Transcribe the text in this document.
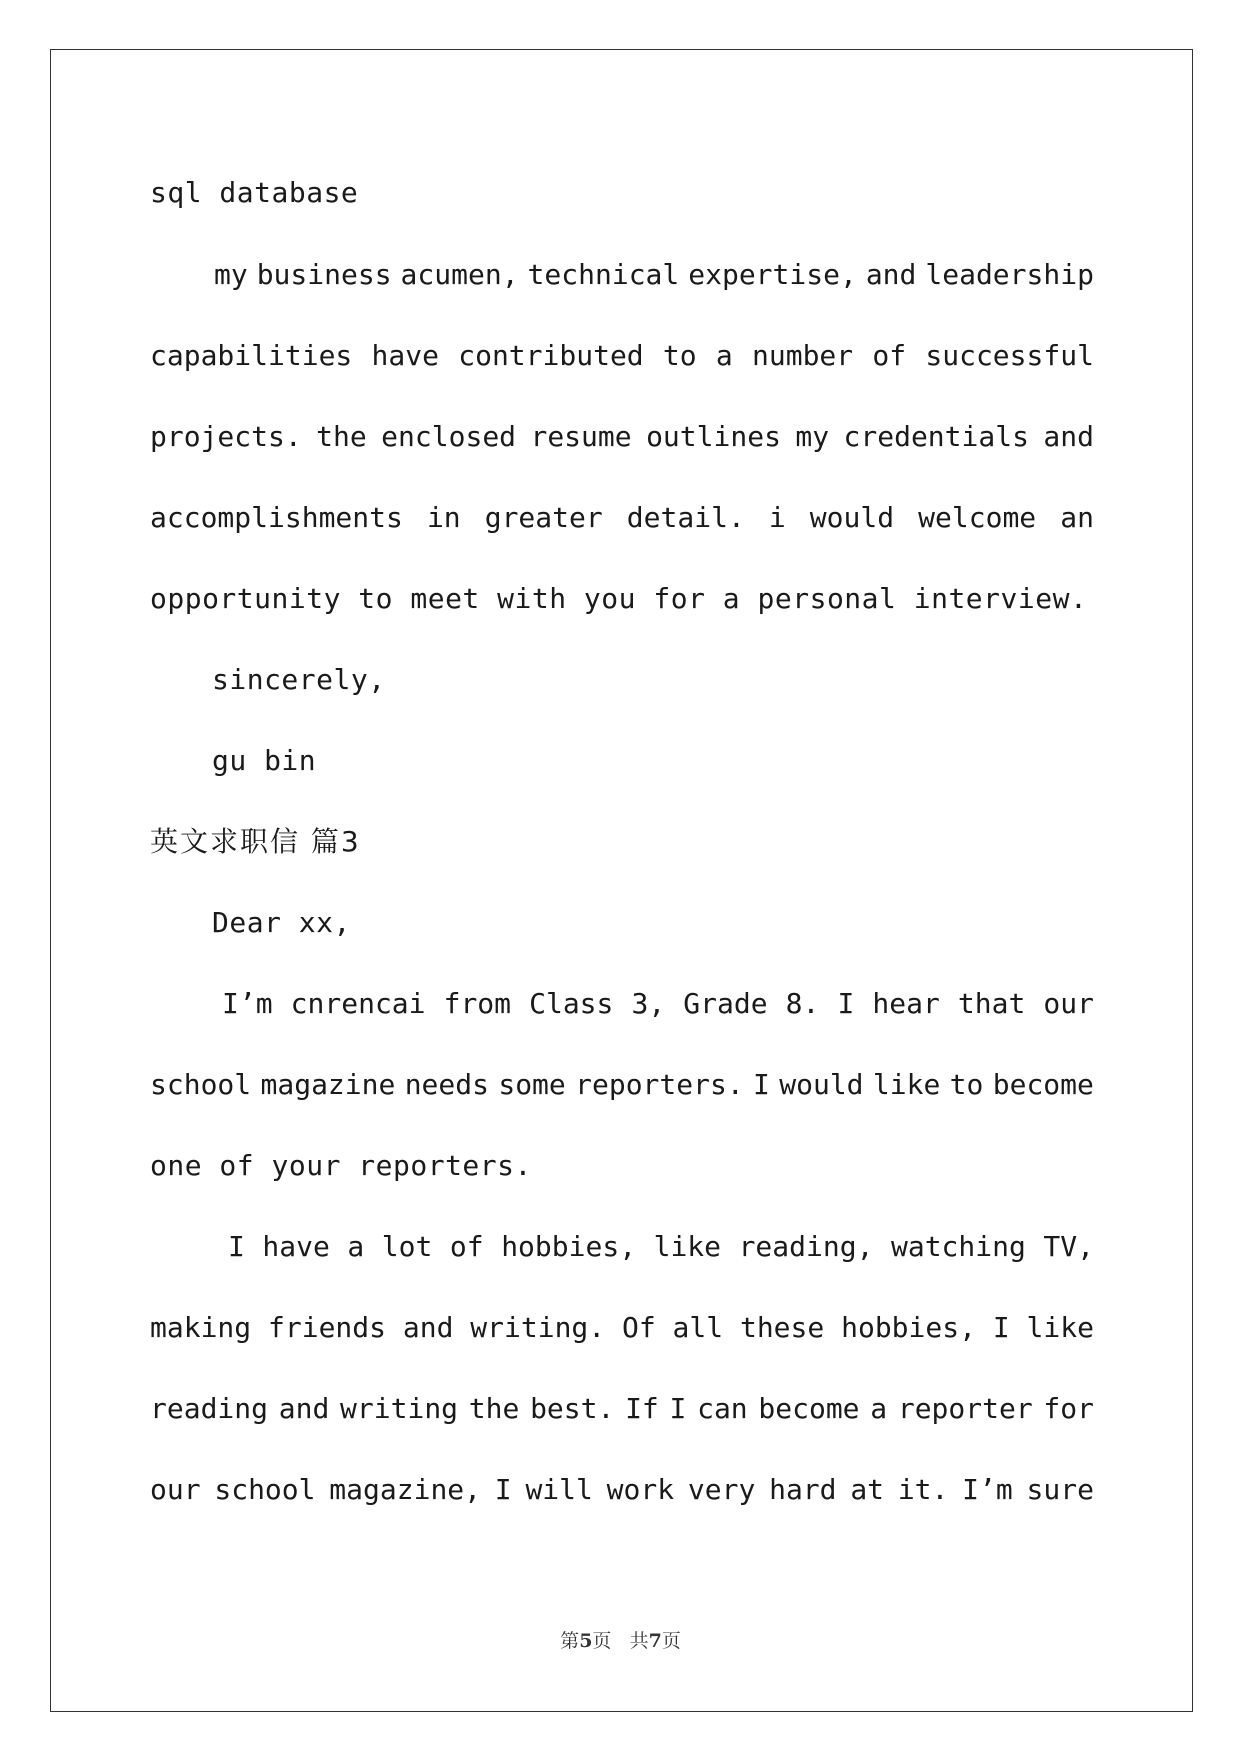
sql database
my business acumen, technical expertise, and leadership
capabilities have contributed to a number of successful
projects. the enclosed resume outlines my credentials and
accomplishments in greater detail. i would welcome an
opportunity to meet with you for a personal interview.
sincerely,
gu bin
英文求职信 篇3
Dear xx,
I’m cnrencai from Class 3, Grade 8. I hear that our
school magazine needs some reporters. I would like to become
one of your reporters.
I have a lot of hobbies, like reading, watching TV,
making friends and writing. Of all these hobbies, I like
reading and writing the best. If I can become a reporter for
our school magazine, I will work very hard at it. I’m sure
第5页 共7页
